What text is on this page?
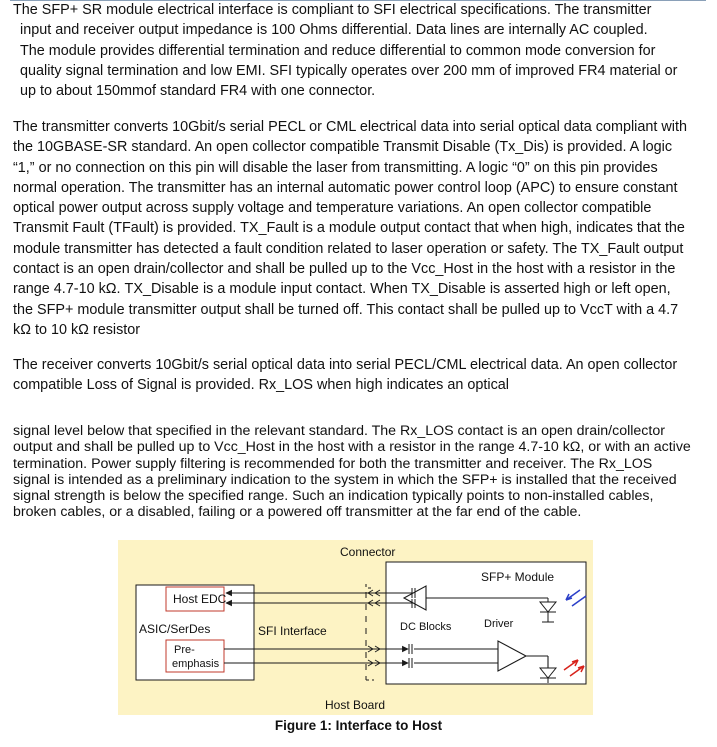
The SFP+ SR module electrical interface is compliant to SFI electrical specifications. The transmitter
input and receiver output impedance is 100 Ohms differential. Data lines are internally AC coupled.
The module provides differential termination and reduce differential to common mode conversion for
quality signal termination and low EMI. SFI typically operates over 200 mm of improved FR4 material or
up to about 150mmof standard FR4 with one connector.
The transmitter converts 10Gbit/s serial PECL or CML electrical data into serial optical data compliant with
the 10GBASE-SR standard. An open collector compatible Transmit Disable (Tx_Dis) is provided. A logic
“1,” or no connection on this pin will disable the laser from transmitting. A logic “0” on this pin provides
normal operation. The transmitter has an internal automatic power control loop (APC) to ensure constant
optical power output across supply voltage and temperature variations. An open collector compatible
Transmit Fault (TFault) is provided. TX_Fault is a module output contact that when high, indicates that the
module transmitter has detected a fault condition related to laser operation or safety. The TX_Fault output
contact is an open drain/collector and shall be pulled up to the Vcc_Host in the host with a resistor in the
range 4.7-10 kΩ. TX_Disable is a module input contact. When TX_Disable is asserted high or left open,
the SFP+ module transmitter output shall be turned off. This contact shall be pulled up to VccT with a 4.7
kΩ to 10 kΩ resistor
The receiver converts 10Gbit/s serial optical data into serial PECL/CML electrical data. An open collector
compatible Loss of Signal is provided. Rx_LOS when high indicates an optical
signal level below that specified in the relevant standard. The Rx_LOS contact is an open drain/collector
output and shall be pulled up to Vcc_Host in the host with a resistor in the range 4.7-10 kΩ, or with an active
termination. Power supply filtering is recommended for both the transmitter and receiver. The Rx_LOS
signal is intended as a preliminary indication to the system in which the SFP+ is installed that the received
signal strength is below the specified range. Such an indication typically points to non-installed cables,
broken cables, or a disabled, failing or a powered off transmitter at the far end of the cable.
ASIC/SerDes
Host EDC
Pre-
emphasis
SFI Interface
Connector
Host Board
SFP+ Module
DC Blocks	Driver
Figure 1: Interface to Host
